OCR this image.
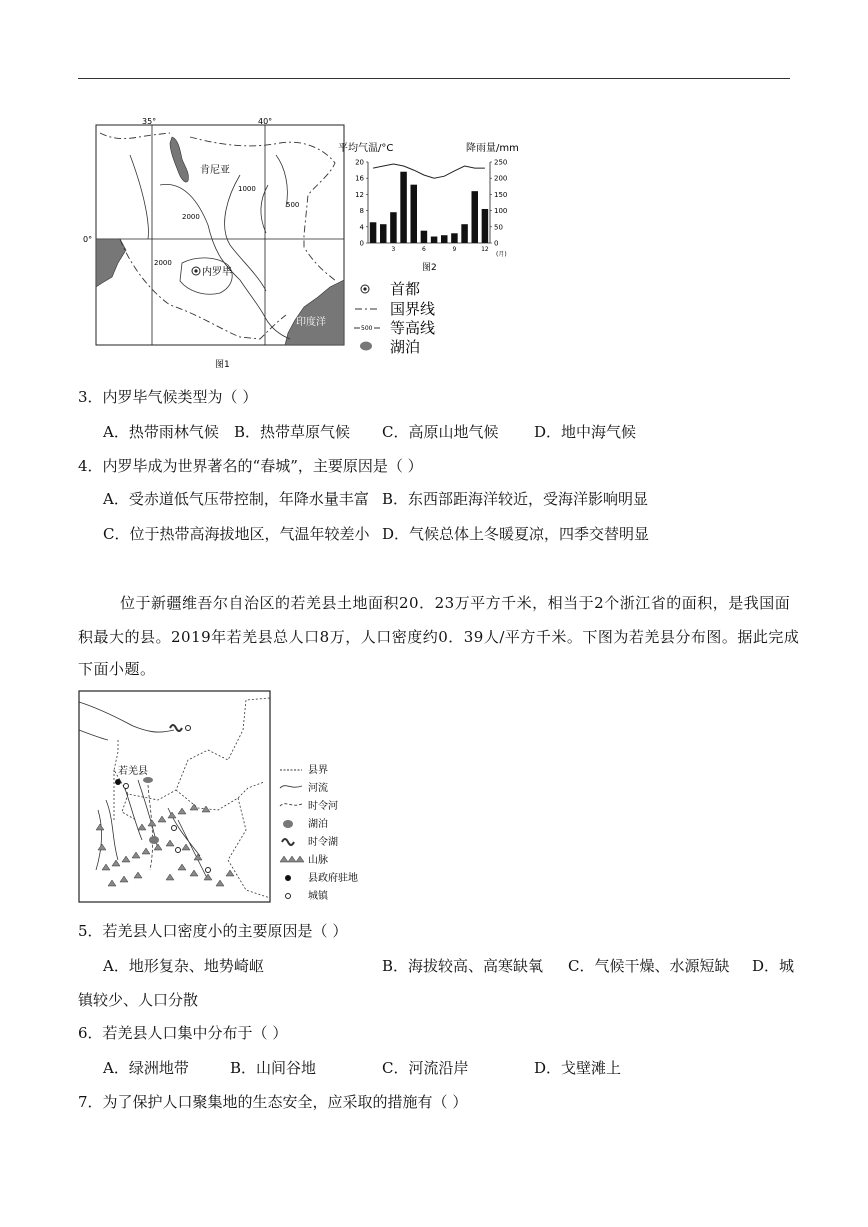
35°	40°
0°
肯尼亚
内罗毕
印度洋
1000
2000
500
2000
图1
平均气温/°C	降雨量/mm
20
16
12
8
4
0
250
200
150
100
50
0
3	6	9	12
(月)
图2
500
首都
国界线
等高线
湖泊
3．内罗毕气候类型为（ ）
A．热带雨林气候 B．热带草原气候 C．高原山地气候 D．地中海气候
4．内罗毕成为世界著名的“春城”，主要原因是（ ）
A．受赤道低气压带控制，年降水量丰富 B．东西部距海洋较近，受海洋影响明显
C．位于热带高海拔地区，气温年较差小 D．气候总体上冬暖夏凉，四季交替明显
位于新疆维吾尔自治区的若羌县土地面积20．23万平方千米，相当于2个浙江省的面积，是我国面
积最大的县。2019年若羌县总人口8万，人口密度约0．39人/平方千米。下图为若羌县分布图。据此完成
下面小题。
若羌县	县界
河流
时令河
湖泊
时令湖
山脉
县政府驻地
城镇
5．若羌县人口密度小的主要原因是（ ）
A．地形复杂、地势崎岖	B．海拔较高、高寒缺氧 C．气候干燥、水源短缺 D．城
镇较少、人口分散
6．若羌县人口集中分布于（ ）
A．绿洲地带	B．山间谷地	C．河流沿岸	D．戈壁滩上
7．为了保护人口聚集地的生态安全，应采取的措施有（ ）
